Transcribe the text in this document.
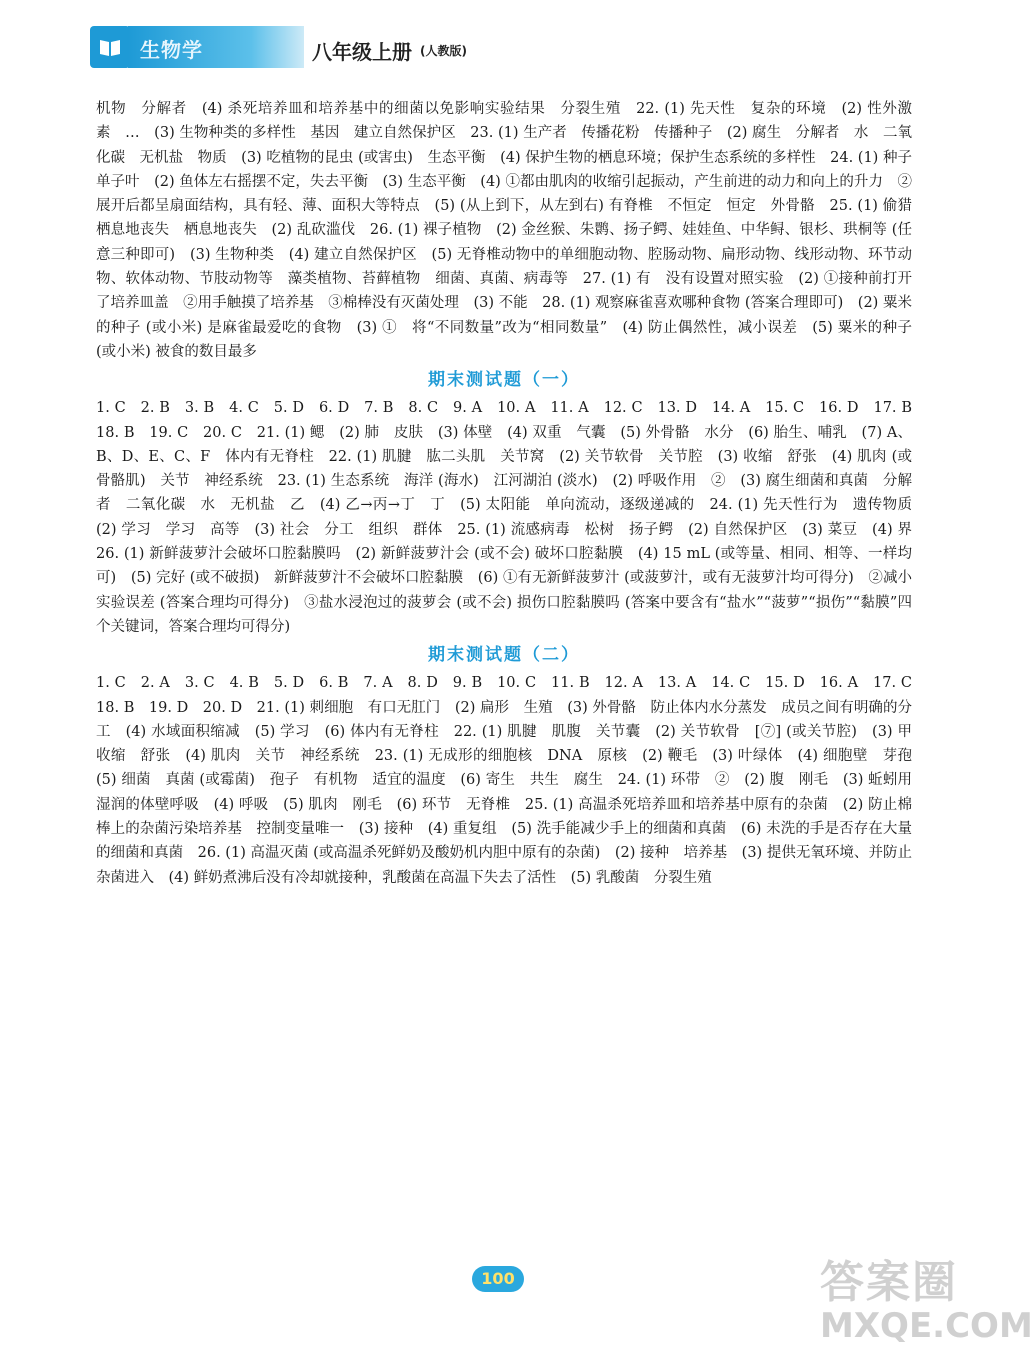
生物学	八年级上册 (人教版)

机物　分解者　(4) 杀死培养皿和培养基中的细菌以免影响实验结果　分裂生殖　22. (1) 先天性　复杂的环境　(2) 性外激素　…　(3) 生物种类的多样性　基因　建立自然保护区　23. (1) 生产者　传播花粉　传播种子　(2) 腐生　分解者　水　二氧化碳　无机盐　物质　(3) 吃植物的昆虫 (或害虫)　生态平衡　(4) 保护生物的栖息环境；保护生态系统的多样性　24. (1) 种子　单子叶　(2) 鱼体左右摇摆不定，失去平衡　(3) 生态平衡　(4) ①都由肌肉的收缩引起振动，产生前进的动力和向上的升力　②展开后都呈扇面结构，具有轻、薄、面积大等特点　(5) (从上到下，从左到右) 有脊椎　不恒定　恒定　外骨骼　25. (1) 偷猎　栖息地丧失　栖息地丧失　(2) 乱砍滥伐　26. (1) 裸子植物　(2) 金丝猴、朱鹮、扬子鳄、娃娃鱼、中华鲟、银杉、珙桐等 (任意三种即可)　(3) 生物种类　(4) 建立自然保护区　(5) 无脊椎动物中的单细胞动物、腔肠动物、扁形动物、线形动物、环节动物、软体动物、节肢动物等　藻类植物、苔藓植物　细菌、真菌、病毒等　27. (1) 有　没有设置对照实验　(2) ①接种前打开了培养皿盖　②用手触摸了培养基　③棉棒没有灭菌处理　(3) 不能　28. (1) 观察麻雀喜欢哪种食物 (答案合理即可)　(2) 粟米的种子 (或小米) 是麻雀最爱吃的食物　(3) ①　将“不同数量”改为“相同数量”　(4) 防止偶然性，减小误差　(5) 粟米的种子 (或小米) 被食的数目最多

期末测试题（一）

1. C　2. B　3. B　4. C　5. D　6. D　7. B　8. C　9. A　10. A　11. A　12. C　13. D　14. A　15. C　16. D　17. B　18. B　19. C　20. C　21. (1) 鳃　(2) 肺　皮肤　(3) 体壁　(4) 双重　气囊　(5) 外骨骼　水分　(6) 胎生、哺乳　(7) A、B、D、E、C、F　体内有无脊柱　22. (1) 肌腱　肱二头肌　关节窝　(2) 关节软骨　关节腔　(3) 收缩　舒张　(4) 肌肉 (或骨骼肌)　关节　神经系统　23. (1) 生态系统　海洋 (海水)　江河湖泊 (淡水)　(2) 呼吸作用　②　(3) 腐生细菌和真菌　分解者　二氧化碳　水　无机盐　乙　(4) 乙→丙→丁　丁　(5) 太阳能　单向流动，逐级递减的　24. (1) 先天性行为　遗传物质　(2) 学习　学习　高等　(3) 社会　分工　组织　群体　25. (1) 流感病毒　松树　扬子鳄　(2) 自然保护区　(3) 菜豆　(4) 界　26. (1) 新鲜菠萝汁会破坏口腔黏膜吗　(2) 新鲜菠萝汁会 (或不会) 破坏口腔黏膜　(4) 15 mL (或等量、相同、相等、一样均可)　(5) 完好 (或不破损)　新鲜菠萝汁不会破坏口腔黏膜　(6) ①有无新鲜菠萝汁 (或菠萝汁，或有无菠萝汁均可得分)　②减小实验误差 (答案合理均可得分)　③盐水浸泡过的菠萝会 (或不会) 损伤口腔黏膜吗 (答案中要含有“盐水”“菠萝”“损伤”“黏膜”四个关键词，答案合理均可得分)

期末测试题（二）

1. C　2. A　3. C　4. B　5. D　6. B　7. A　8. D　9. B　10. C　11. B　12. A　13. A　14. C　15. D　16. A　17. C　18. B　19. D　20. D　21. (1) 刺细胞　有口无肛门　(2) 扁形　生殖　(3) 外骨骼　防止体内水分蒸发　成员之间有明确的分工　(4) 水域面积缩减　(5) 学习　(6) 体内有无脊柱　22. (1) 肌腱　肌腹　关节囊　(2) 关节软骨　[⑦] (或关节腔)　(3) 甲　收缩　舒张　(4) 肌肉　关节　神经系统　23. (1) 无成形的细胞核　DNA　原核　(2) 鞭毛　(3) 叶绿体　(4) 细胞壁　芽孢　(5) 细菌　真菌 (或霉菌)　孢子　有机物　适宜的温度　(6) 寄生　共生　腐生　24. (1) 环带　②　(2) 腹　刚毛　(3) 蚯蚓用湿润的体壁呼吸　(4) 呼吸　(5) 肌肉　刚毛　(6) 环节　无脊椎　25. (1) 高温杀死培养皿和培养基中原有的杂菌　(2) 防止棉棒上的杂菌污染培养基　控制变量唯一　(3) 接种　(4) 重复组　(5) 洗手能减少手上的细菌和真菌　(6) 未洗的手是否存在大量的细菌和真菌　26. (1) 高温灭菌 (或高温杀死鲜奶及酸奶机内胆中原有的杂菌)　(2) 接种　培养基　(3) 提供无氧环境、并防止杂菌进入　(4) 鲜奶煮沸后没有冷却就接种，乳酸菌在高温下失去了活性　(5) 乳酸菌　分裂生殖

100	答案圈
MXQE.COM
